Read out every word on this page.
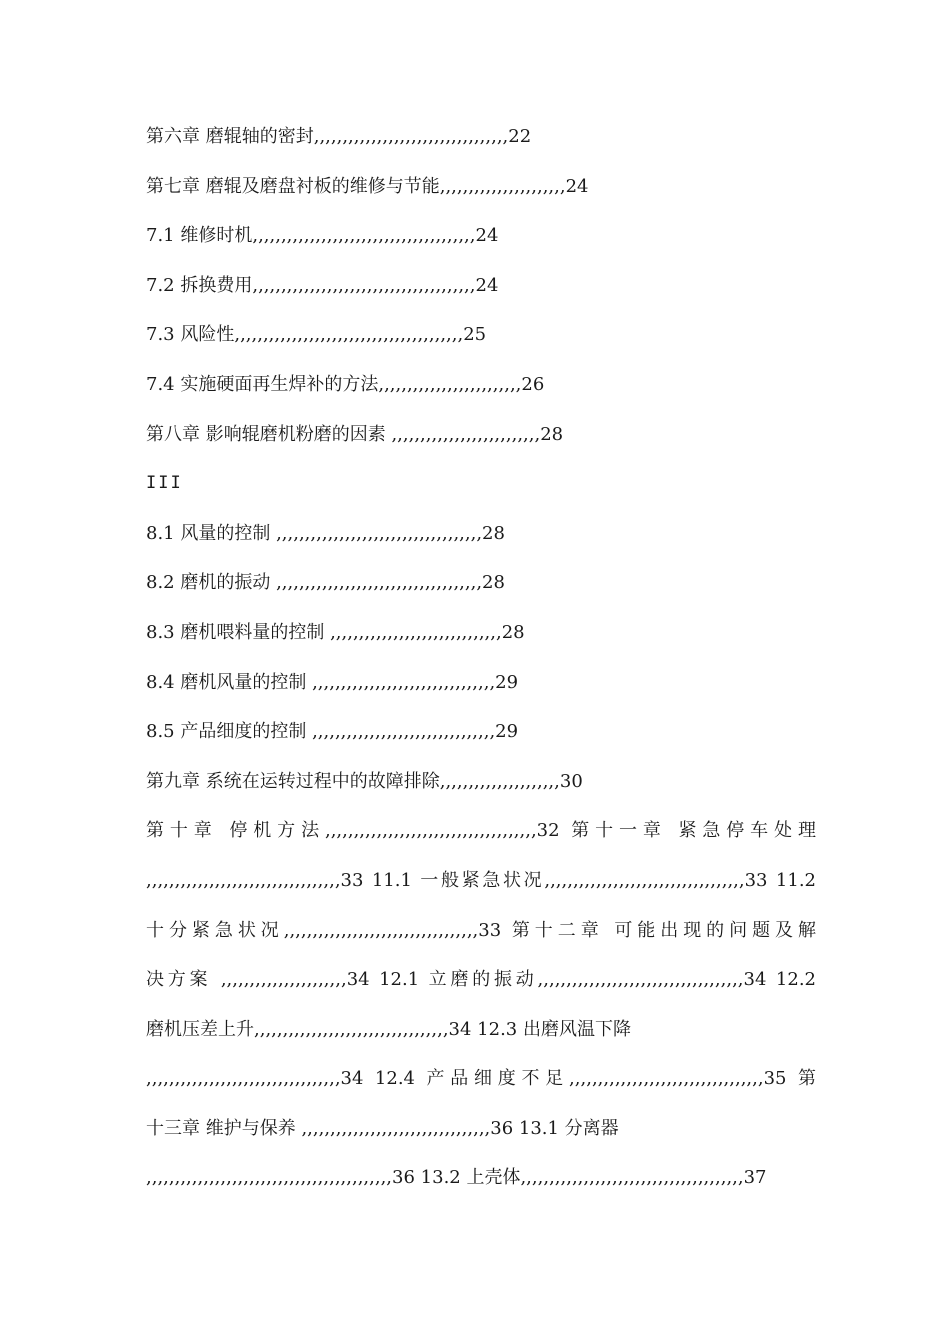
第六章 磨辊轴的密封,,,,,,,,,,,,,,,,,,,,,,,,,,,,,,,,,,22
第七章 磨辊及磨盘衬板的维修与节能,,,,,,,,,,,,,,,,,,,,,,24
7.1 维修时机,,,,,,,,,,,,,,,,,,,,,,,,,,,,,,,,,,,,,,,24
7.2 拆换费用,,,,,,,,,,,,,,,,,,,,,,,,,,,,,,,,,,,,,,,24
7.3 风险性,,,,,,,,,,,,,,,,,,,,,,,,,,,,,,,,,,,,,,,,25
7.4 实施硬面再生焊补的方法,,,,,,,,,,,,,,,,,,,,,,,,,26
第八章 影响辊磨机粉磨的因素 ,,,,,,,,,,,,,,,,,,,,,,,,,,28
III
8.1 风量的控制 ,,,,,,,,,,,,,,,,,,,,,,,,,,,,,,,,,,,,28
8.2 磨机的振动 ,,,,,,,,,,,,,,,,,,,,,,,,,,,,,,,,,,,,28
8.3 磨机喂料量的控制 ,,,,,,,,,,,,,,,,,,,,,,,,,,,,,,28
8.4 磨机风量的控制 ,,,,,,,,,,,,,,,,,,,,,,,,,,,,,,,,29
8.5 产品细度的控制 ,,,,,,,,,,,,,,,,,,,,,,,,,,,,,,,,29
第九章 系统在运转过程中的故障排除,,,,,,,,,,,,,,,,,,,,,30
第十章 停机方法,,,,,,,,,,,,,,,,,,,,,,,,,,,,,,,,,,,,,32 第十一章 紧急停车处理
,,,,,,,,,,,,,,,,,,,,,,,,,,,,,,,,,,33 11.1 一般紧急状况,,,,,,,,,,,,,,,,,,,,,,,,,,,,,,,,,,,33 11.2
十分紧急状况,,,,,,,,,,,,,,,,,,,,,,,,,,,,,,,,,,33 第十二章 可能出现的问题及解
决方案 ,,,,,,,,,,,,,,,,,,,,,,34 12.1 立磨的振动,,,,,,,,,,,,,,,,,,,,,,,,,,,,,,,,,,,,34 12.2
磨机压差上升,,,,,,,,,,,,,,,,,,,,,,,,,,,,,,,,,,34 12.3 出磨风温下降
,,,,,,,,,,,,,,,,,,,,,,,,,,,,,,,,,,34 12.4 产品细度不足,,,,,,,,,,,,,,,,,,,,,,,,,,,,,,,,,,35 第
十三章 维护与保养 ,,,,,,,,,,,,,,,,,,,,,,,,,,,,,,,,,36 13.1 分离器
,,,,,,,,,,,,,,,,,,,,,,,,,,,,,,,,,,,,,,,,,,,36 13.2 上壳体,,,,,,,,,,,,,,,,,,,,,,,,,,,,,,,,,,,,,,,37
